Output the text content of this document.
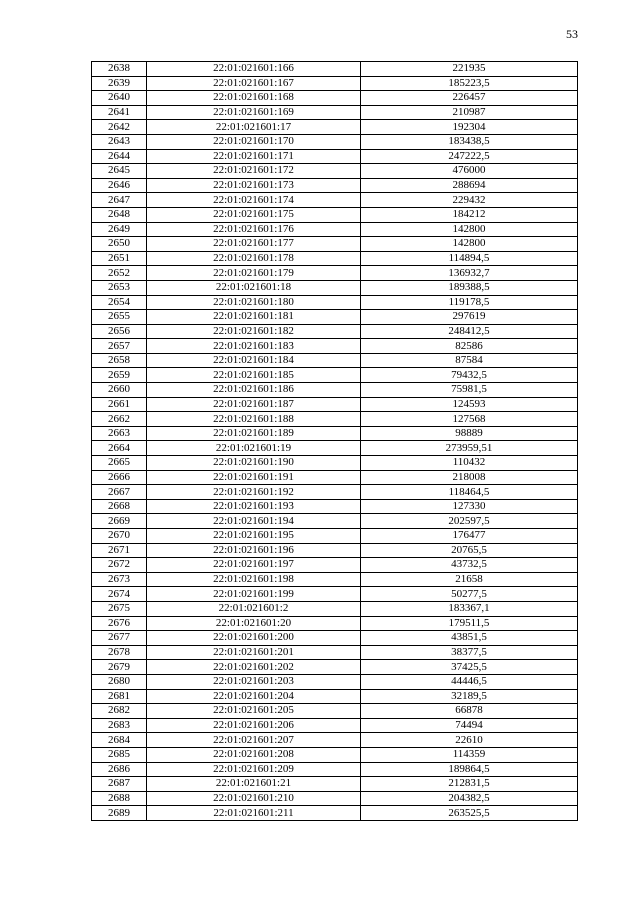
53
2638	22:01:021601:166	221935
2639	22:01:021601:167	185223,5
2640	22:01:021601:168	226457
2641	22:01:021601:169	210987
2642	22:01:021601:17	192304
2643	22:01:021601:170	183438,5
2644	22:01:021601:171	247222,5
2645	22:01:021601:172	476000
2646	22:01:021601:173	288694
2647	22:01:021601:174	229432
2648	22:01:021601:175	184212
2649	22:01:021601:176	142800
2650	22:01:021601:177	142800
2651	22:01:021601:178	114894,5
2652	22:01:021601:179	136932,7
2653	22:01:021601:18	189388,5
2654	22:01:021601:180	119178,5
2655	22:01:021601:181	297619
2656	22:01:021601:182	248412,5
2657	22:01:021601:183	82586
2658	22:01:021601:184	87584
2659	22:01:021601:185	79432,5
2660	22:01:021601:186	75981,5
2661	22:01:021601:187	124593
2662	22:01:021601:188	127568
2663	22:01:021601:189	98889
2664	22:01:021601:19	273959,51
2665	22:01:021601:190	110432
2666	22:01:021601:191	218008
2667	22:01:021601:192	118464,5
2668	22:01:021601:193	127330
2669	22:01:021601:194	202597,5
2670	22:01:021601:195	176477
2671	22:01:021601:196	20765,5
2672	22:01:021601:197	43732,5
2673	22:01:021601:198	21658
2674	22:01:021601:199	50277,5
2675	22:01:021601:2	183367,1
2676	22:01:021601:20	179511,5
2677	22:01:021601:200	43851,5
2678	22:01:021601:201	38377,5
2679	22:01:021601:202	37425,5
2680	22:01:021601:203	44446,5
2681	22:01:021601:204	32189,5
2682	22:01:021601:205	66878
2683	22:01:021601:206	74494
2684	22:01:021601:207	22610
2685	22:01:021601:208	114359
2686	22:01:021601:209	189864,5
2687	22:01:021601:21	212831,5
2688	22:01:021601:210	204382,5
2689	22:01:021601:211	263525,5
